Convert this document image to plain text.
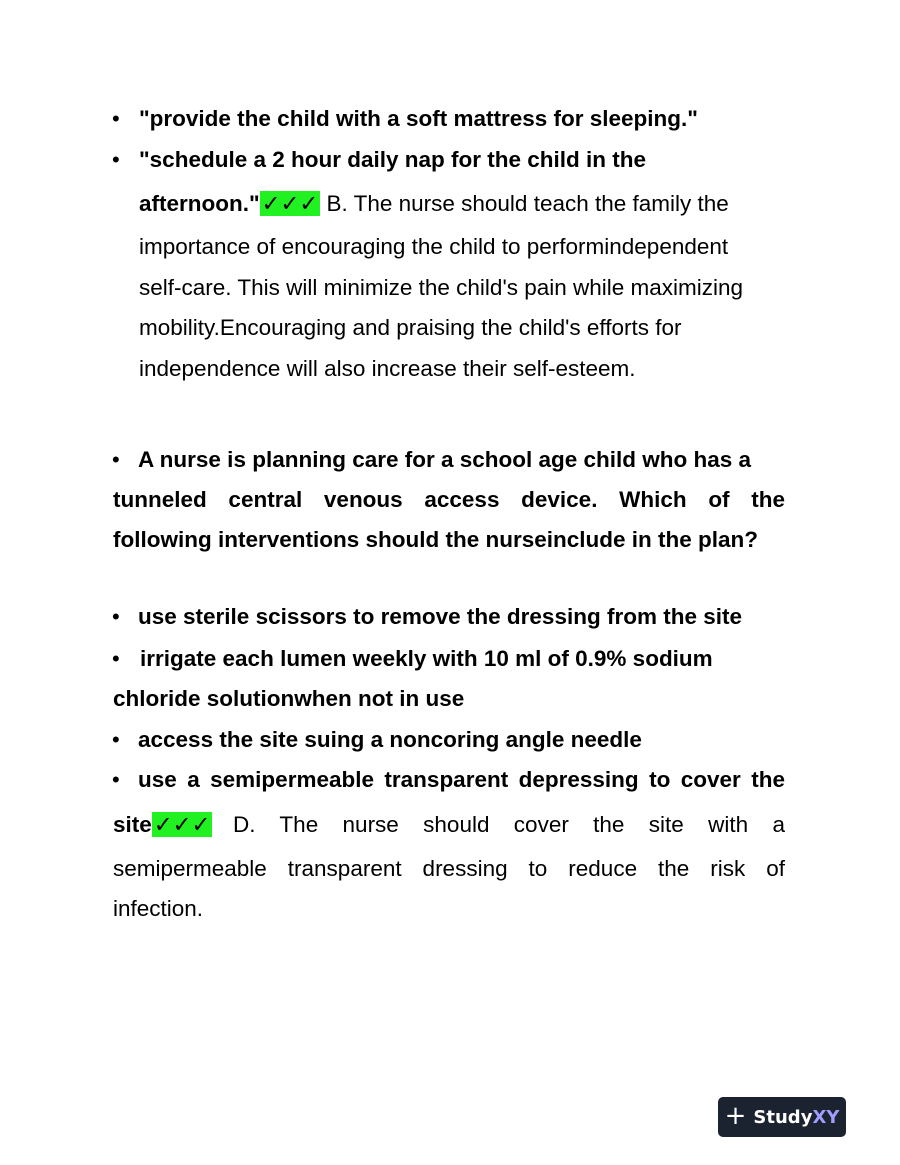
• "provide the child with a soft mattress for sleeping."
• "schedule a 2 hour daily nap for the child in the
afternoon."✓✓✓ B. The nurse should teach the family the
importance of encouraging the child to performindependent
self-care. This will minimize the child's pain while maximizing
mobility.Encouraging and praising the child's efforts for
independence will also increase their self-esteem.
• A nurse is planning care for a school age child who has a
tunneled central venous access device. Which of the
following interventions should the nurseinclude in the plan?
• use sterile scissors to remove the dressing from the site
• irrigate each lumen weekly with 10 ml of 0.9% sodium
chloride solutionwhen not in use
• access the site suing a noncoring angle needle
• use a semipermeable transparent depressing to cover the
site✓✓✓ D. The nurse should cover the site with a
semipermeable transparent dressing to reduce the risk of
infection.
+ StudyXY
